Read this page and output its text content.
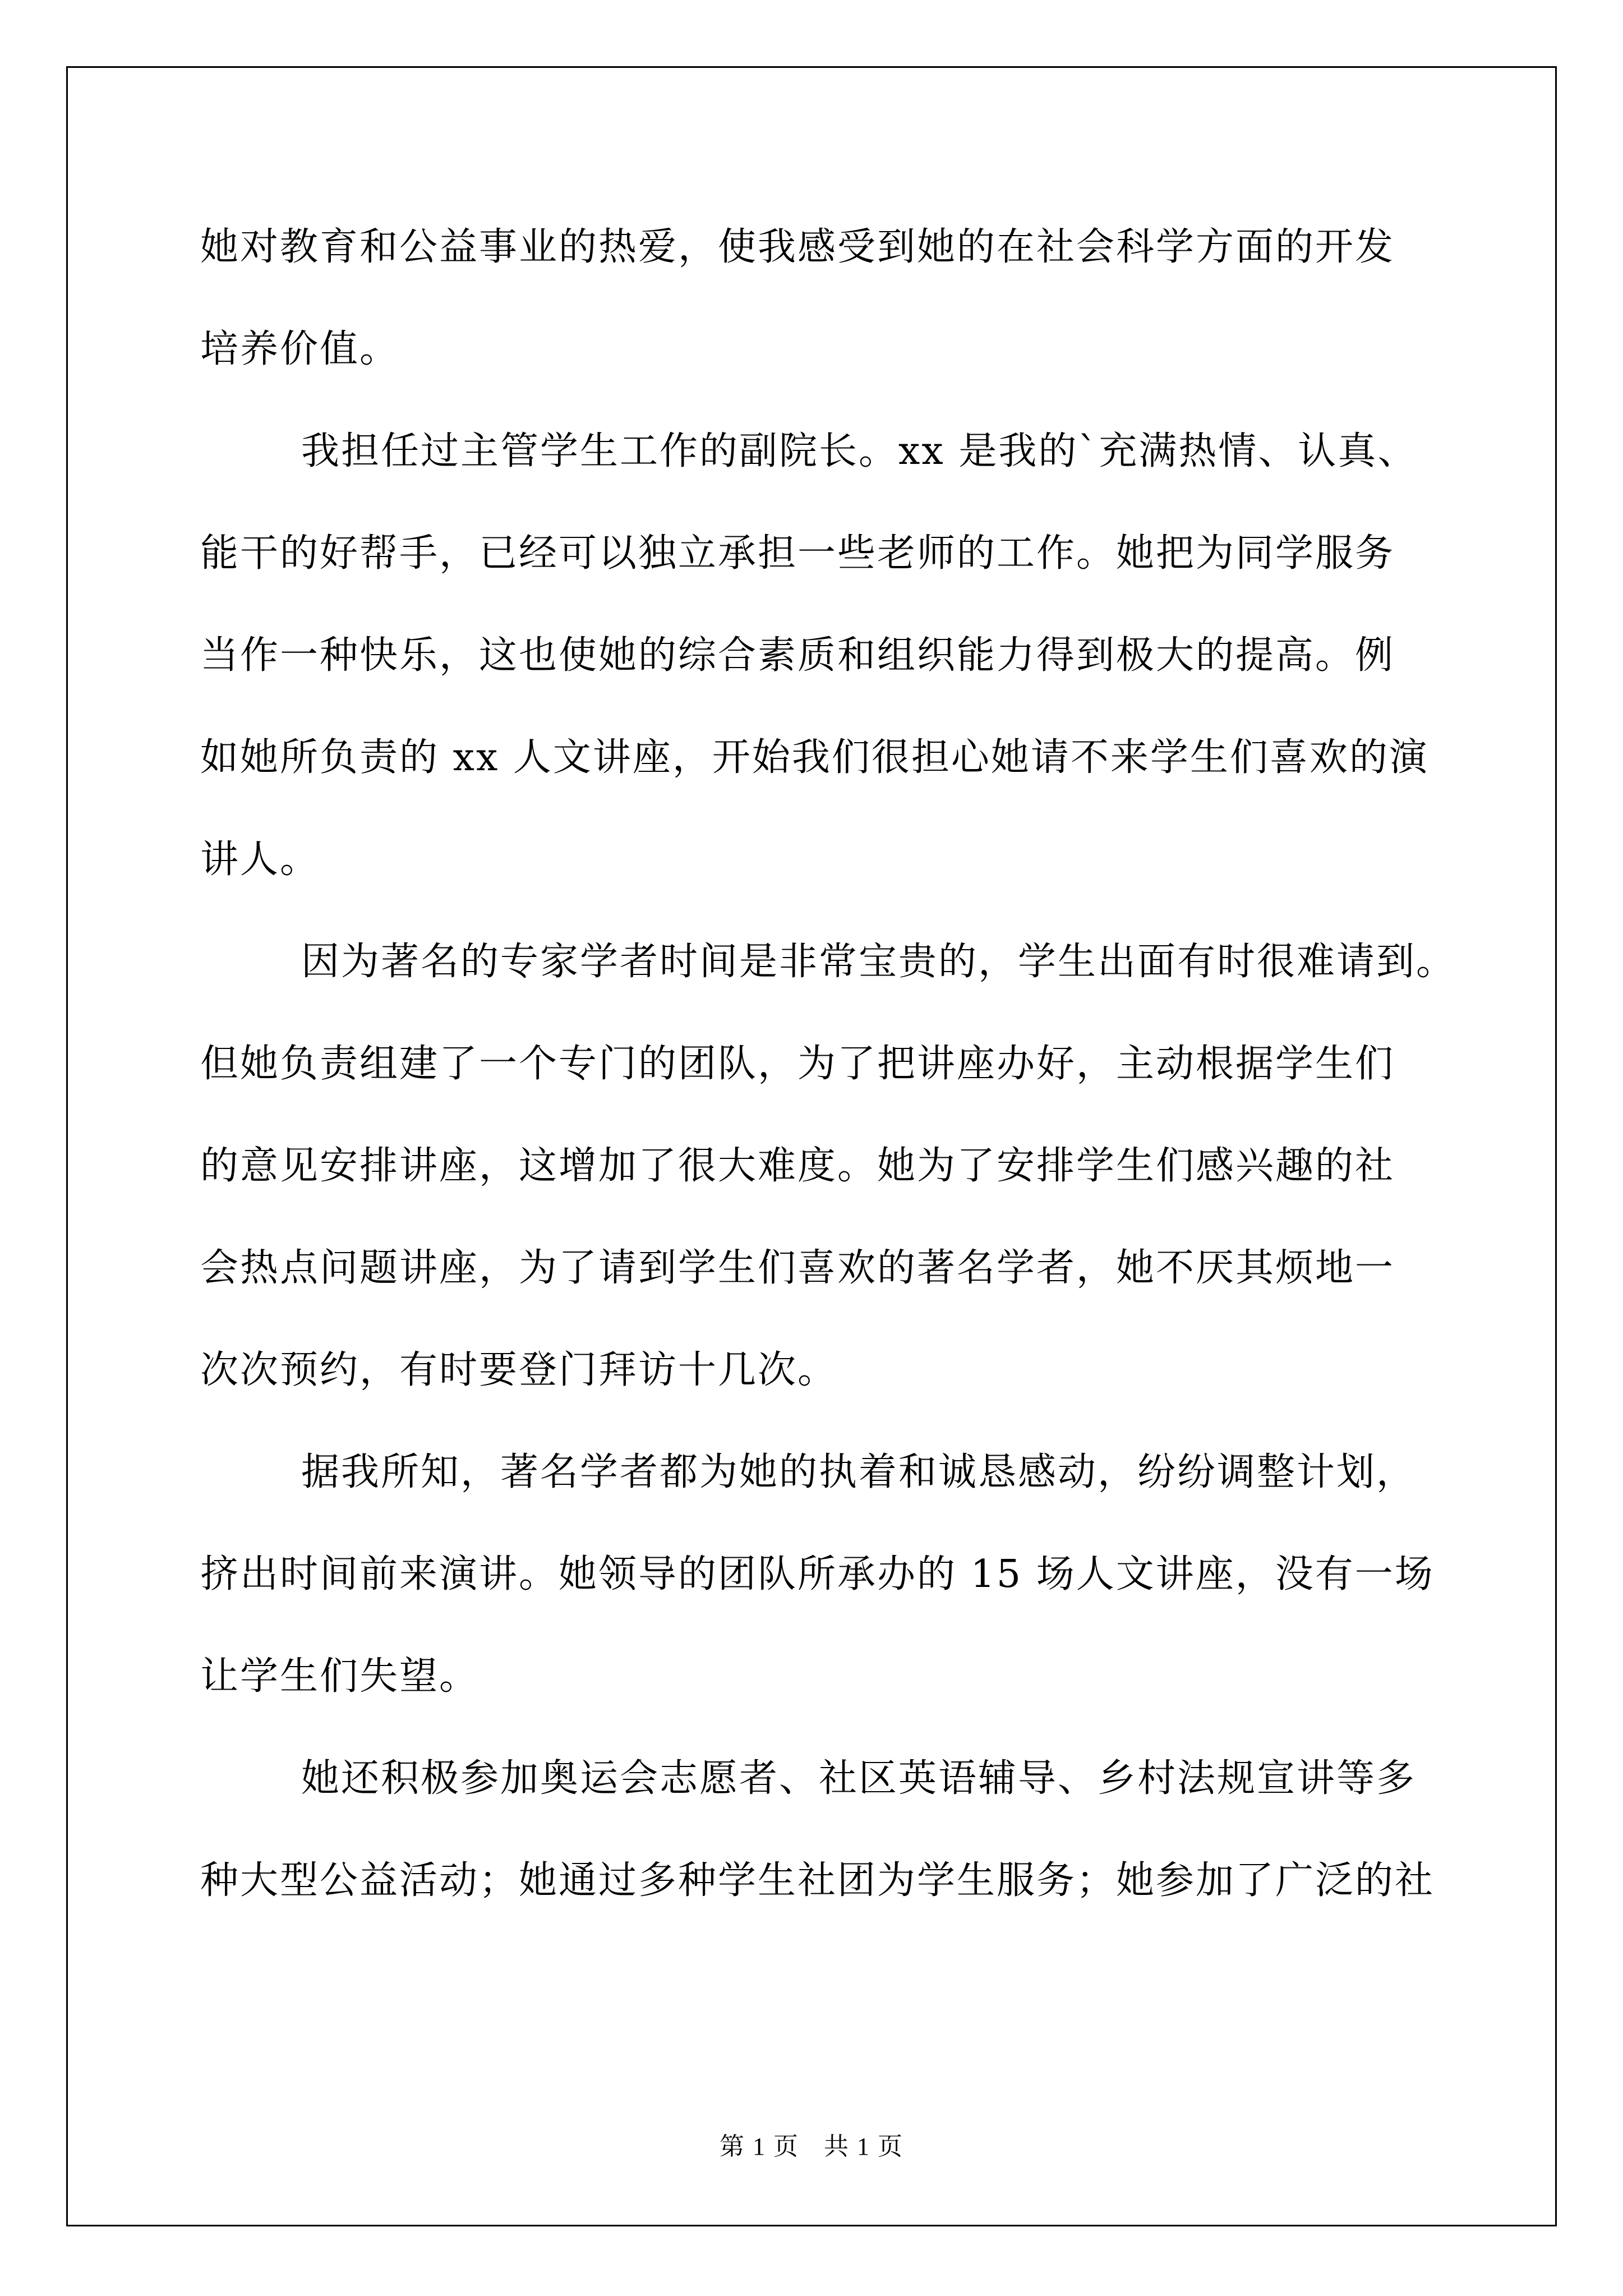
她对教育和公益事业的热爱，使我感受到她的在社会科学方面的开发
培养价值。
我担任过主管学生工作的副院长。xx 是我的`充满热情、认真、
能干的好帮手，已经可以独立承担一些老师的工作。她把为同学服务
当作一种快乐，这也使她的综合素质和组织能力得到极大的提高。例
如她所负责的 xx 人文讲座，开始我们很担心她请不来学生们喜欢的演
讲人。
因为著名的专家学者时间是非常宝贵的，学生出面有时很难请到。
但她负责组建了一个专门的团队，为了把讲座办好，主动根据学生们
的意见安排讲座，这增加了很大难度。她为了安排学生们感兴趣的社
会热点问题讲座，为了请到学生们喜欢的著名学者，她不厌其烦地一
次次预约，有时要登门拜访十几次。
据我所知，著名学者都为她的执着和诚恳感动，纷纷调整计划，
挤出时间前来演讲。她领导的团队所承办的 15 场人文讲座，没有一场
让学生们失望。
她还积极参加奥运会志愿者、社区英语辅导、乡村法规宣讲等多
种大型公益活动；她通过多种学生社团为学生服务；她参加了广泛的社
第 1 页 共 1 页
